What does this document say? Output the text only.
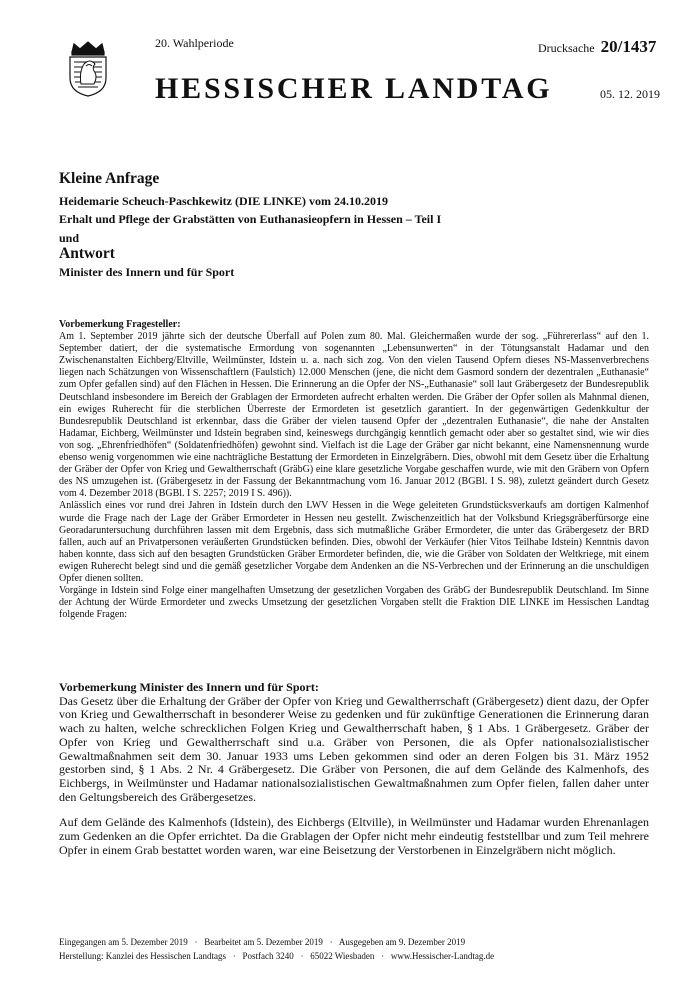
20. Wahlperiode	Drucksache 20/1437
HESSISCHER LANDTAG	05. 12. 2019
Kleine Anfrage
Heidemarie Scheuch-Paschkewitz (DIE LINKE) vom 24.10.2019
Erhalt und Pflege der Grabstätten von Euthanasieopfern in Hessen – Teil I
und
Antwort
Minister des Innern und für Sport

Vorbemerkung Fragesteller:

Am 1. September 2019 jährte sich der deutsche Überfall auf Polen zum 80. Mal. Gleichermaßen wurde der sog. „Führererlass“ auf den 1. September datiert, der die systematische Ermordung von sogenannten „Lebensunwerten“ in der Tötungsanstalt Hadamar und den Zwischenanstalten Eichberg/Eltville, Weilmünster, Idstein u. a. nach sich zog. Von den vielen Tausend Opfern dieses NS-Massenverbrechens liegen nach Schätzungen von Wissenschaftlern (Faulstich) 12.000 Menschen (jene, die nicht dem Gasmord sondern der dezentralen „Euthanasie“ zum Opfer gefallen sind) auf den Flächen in Hessen. Die Erinnerung an die Opfer der NS-„Euthanasie“ soll laut Gräbergesetz der Bundesrepublik Deutschland insbesondere im Bereich der Grablagen der Ermordeten aufrecht erhalten werden. Die Gräber der Opfer sollen als Mahnmal dienen, ein ewiges Ruherecht für die sterblichen Überreste der Ermordeten ist gesetzlich garantiert. In der gegenwärtigen Gedenkkultur der Bundesrepublik Deutschland ist erkennbar, dass die Gräber der vielen tausend Opfer der „dezentralen Euthanasie“, die nahe der Anstalten Hadamar, Eichberg, Weilmünster und Idstein begraben sind, keineswegs durchgängig kenntlich gemacht oder aber so gestaltet sind, wie wir dies von sog. „Ehrenfriedhöfen“ (Soldatenfriedhöfen) gewohnt sind. Vielfach ist die Lage der Gräber gar nicht bekannt, eine Namensnennung wurde ebenso wenig vorgenommen wie eine nachträgliche Bestattung der Ermordeten in Einzelgräbern. Dies, obwohl mit dem Gesetz über die Erhaltung der Gräber der Opfer von Krieg und Gewaltherrschaft (GräbG) eine klare gesetzliche Vorgabe geschaffen wurde, wie mit den Gräbern von Opfern des NS umzugehen ist. (Gräbergesetz in der Fassung der Bekanntmachung vom 16. Januar 2012 (BGBl. I S. 98), zuletzt geändert durch Gesetz vom 4. Dezember 2018 (BGBl. I S. 2257; 2019 I S. 496)).

Anlässlich eines vor rund drei Jahren in Idstein durch den LWV Hessen in die Wege geleiteten Grundstücksverkaufs am dortigen Kalmenhof wurde die Frage nach der Lage der Gräber Ermordeter in Hessen neu gestellt. Zwischenzeitlich hat der Volksbund Kriegsgräberfürsorge eine Georadaruntersuchung durchführen lassen mit dem Ergebnis, dass sich mutmaßliche Gräber Ermordeter, die unter das Gräbergesetz der BRD fallen, auch auf an Privatpersonen veräußerten Grundstücken befinden. Dies, obwohl der Verkäufer (hier Vitos Teilhabe Idstein) Kenntnis davon haben konnte, dass sich auf den besagten Grundstücken Gräber Ermordeter befinden, die, wie die Gräber von Soldaten der Weltkriege, mit einem ewigen Ruherecht belegt sind und die gemäß gesetzlicher Vorgabe dem Andenken an die NS-Verbrechen und der Erinnerung an die unschuldigen Opfer dienen sollten.

Vorgänge in Idstein sind Folge einer mangelhaften Umsetzung der gesetzlichen Vorgaben des GräbG der Bundesrepublik Deutschland. Im Sinne der Achtung der Würde Ermordeter und zwecks Umsetzung der gesetzlichen Vorgaben stellt die Fraktion DIE LINKE im Hessischen Landtag folgende Fragen:

Vorbemerkung Minister des Innern und für Sport:

Das Gesetz über die Erhaltung der Gräber der Opfer von Krieg und Gewaltherrschaft (Gräbergesetz) dient dazu, der Opfer von Krieg und Gewaltherrschaft in besonderer Weise zu gedenken und für zukünftige Generationen die Erinnerung daran wach zu halten, welche schrecklichen Folgen Krieg und Gewaltherrschaft haben, § 1 Abs. 1 Gräbergesetz. Gräber der Opfer von Krieg und Gewaltherrschaft sind u.a. Gräber von Personen, die als Opfer nationalsozialistischer Gewaltmaßnahmen seit dem 30. Januar 1933 ums Leben gekommen sind oder an deren Folgen bis 31. März 1952 gestorben sind, § 1 Abs. 2 Nr. 4 Gräbergesetz. Die Gräber von Personen, die auf dem Gelände des Kalmenhofs, des Eichbergs, in Weilmünster und Hadamar nationalsozialistischen Gewaltmaßnahmen zum Opfer fielen, fallen daher unter den Geltungsbereich des Gräbergesetzes.

Auf dem Gelände des Kalmenhofs (Idstein), des Eichbergs (Eltville), in Weilmünster und Hadamar wurden Ehrenanlagen zum Gedenken an die Opfer errichtet. Da die Grablagen der Opfer nicht mehr eindeutig feststellbar und zum Teil mehrere Opfer in einem Grab bestattet worden waren, war eine Beisetzung der Verstorbenen in Einzelgräbern nicht möglich.

Eingegangen am 5. Dezember 2019   ·   Bearbeitet am 5. Dezember 2019   ·   Ausgegeben am 9. Dezember 2019
Herstellung: Kanzlei des Hessischen Landtags   ·   Postfach 3240   ·   65022 Wiesbaden   ·   www.Hessischer-Landtag.de
